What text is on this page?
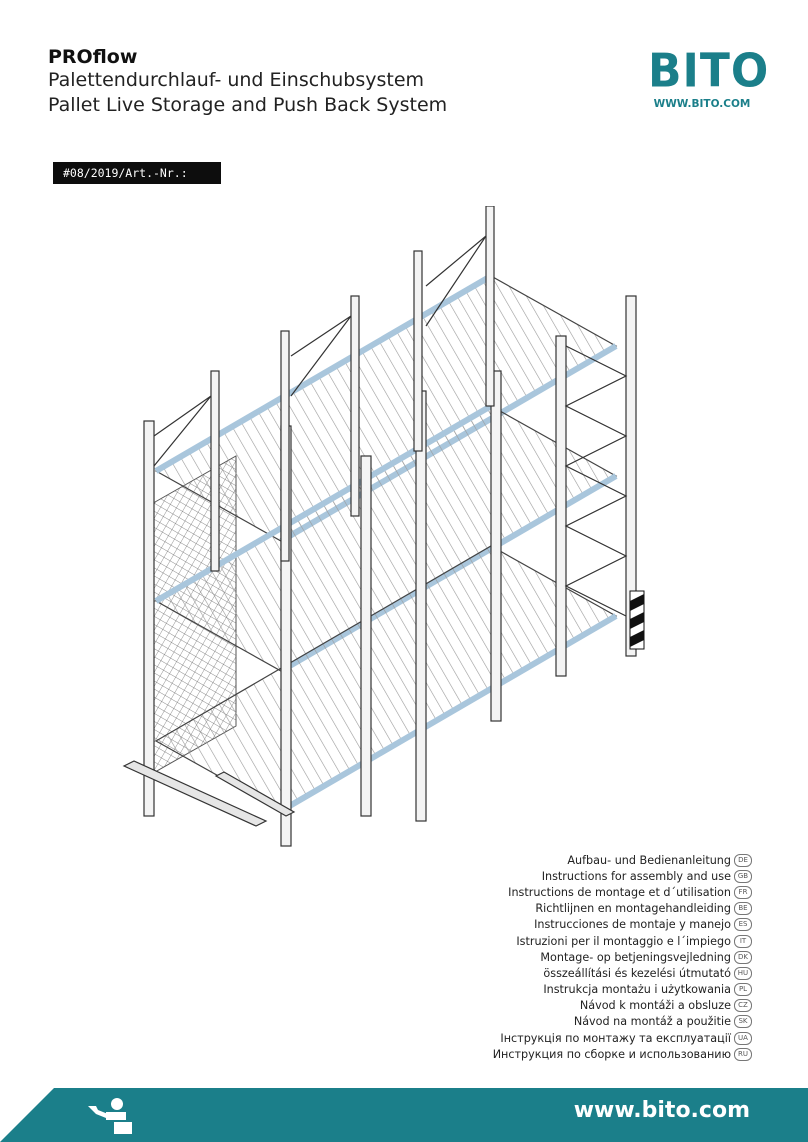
PROflow
Palettendurchlauf- und Einschubsystem
Pallet Live Storage and Push Back System
BITO
WWW.BITO.COM
#08/2019/Art.-Nr.: 39035
Aufbau- und Bedienanleitung	DE
Instructions for assembly and use GB
Instructions de montage et d´utilisation	FR
Richtlijnen en montagehandleiding	BE
Instrucciones de montaje y manejo	ES
Istruzioni per il montaggio e l´impiego	IT
Montage- op betjeningsvejledning	DK
összeállítási és kezelési útmutató HU
Instrukcja montażu i użytkowania	PL
Návod k montáži a obsluze	CZ
Návod na montáž a použitie	SK
Інструкція по монтажу та експлуатації	UA
Инструкция по сборке и использованию	RU
www.bito.com
